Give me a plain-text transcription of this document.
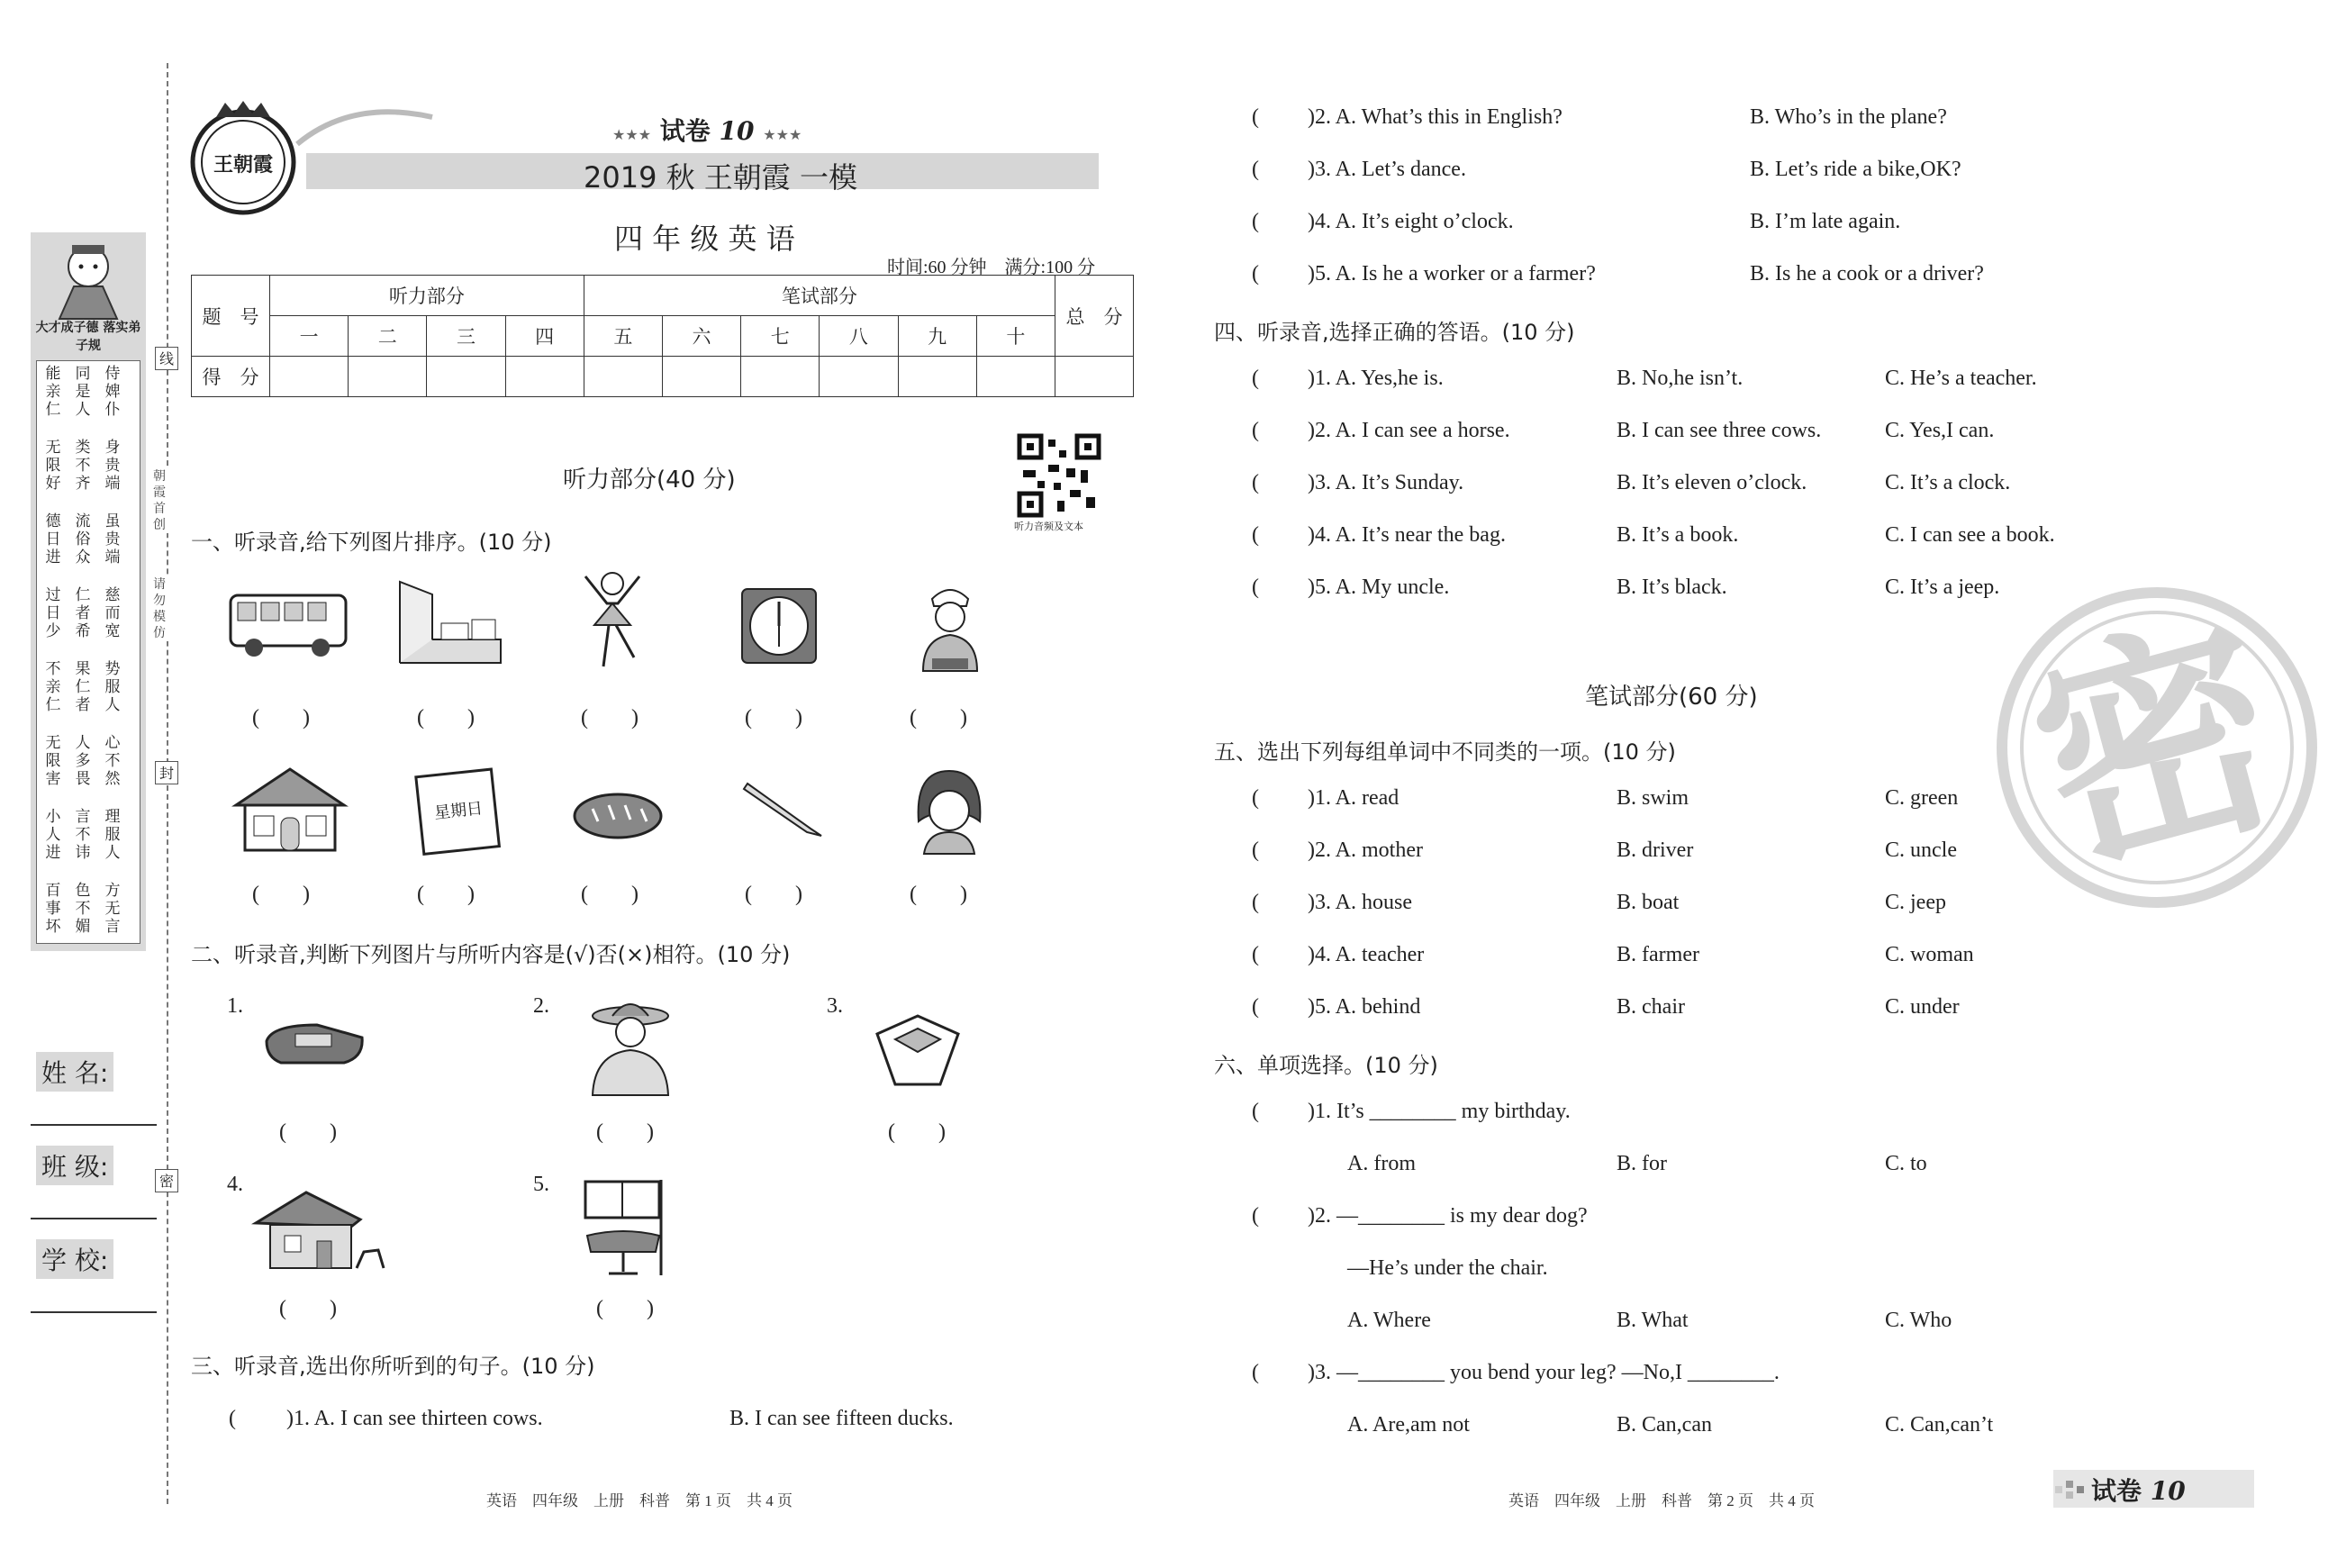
线
封
密
朝霞首创
请勿模仿
大才成子德 落实弟子规
能亲仁
同是人
侍婢仆
无限好
类不齐
身贵端
德日进
流俗众
虽贵端
过日少
仁者希
慈而宽
不亲仁
果仁者
势服人
无限害
人多畏
心不然
小人进
言不讳
理服人
百事坏
色不媚
方无言
姓 名:
班 级:
学 校:
王朝霞
★★★ 试卷 10 ★★★
2019 秋 王朝霞 一模
四 年 级 英 语
时间:60 分钟　满分:100 分
题　号	听力部分				笔试部分						总　分
	一	二	三	四	五	六	七	八	九	十	
得　分											
听力音频及文本
听力部分(40 分)
一、听录音,给下列图片排序。(10 分)
(　　)	(　　)	(　　)	(　　)	(　　)
星期日
(　　)	(　　)	(　　)	(　　)	(　　)
二、听录音,判断下列图片与所听内容是(√)否(×)相符。(10 分)
1.	2.	3.
4.	5.
(　　)	(　　)	(　　)
(　　)	(　　)
三、听录音,选出你所听到的句子。(10 分)
( )1. A. I can see thirteen cows.	B. I can see fifteen ducks.
英语　四年级　上册　科普　第 1 页　共 4 页
密
( )2. A. What’s this in English?	B. Who’s in the plane?
( )3. A. Let’s dance.	B. Let’s ride a bike,OK?
( )4. A. It’s eight o’clock.	B. I’m late again.
( )5. A. Is he a worker or a farmer?	B. Is he a cook or a driver?
四、听录音,选择正确的答语。(10 分)
( )1. A. Yes,he is.	B. No,he isn’t.	C. He’s a teacher.
( )2. A. I can see a horse.	B. I can see three cows.	C. Yes,I can.
( )3. A. It’s Sunday.	B. It’s eleven o’clock.	C. It’s a clock.
( )4. A. It’s near the bag.	B. It’s a book.	C. I can see a book.
( )5. A. My uncle.	B. It’s black.	C. It’s a jeep.
笔试部分(60 分)
五、选出下列每组单词中不同类的一项。(10 分)
( )1. A. read	B. swim	C. green
( )2. A. mother	B. driver	C. uncle
( )3. A. house	B. boat	C. jeep
( )4. A. teacher	B. farmer	C. woman
( )5. A. behind	B. chair	C. under
六、单项选择。(10 分)
( )1. It’s ________ my birthday.
A. from	B. for	C. to
( )2. —________ is my dear dog?
—He’s under the chair.
A. Where	B. What	C. Who
( )3. —________ you bend your leg? —No,I ________.
A. Are,am not	B. Can,can	C. Can,can’t
英语　四年级　上册　科普　第 2 页　共 4 页	试卷 10
